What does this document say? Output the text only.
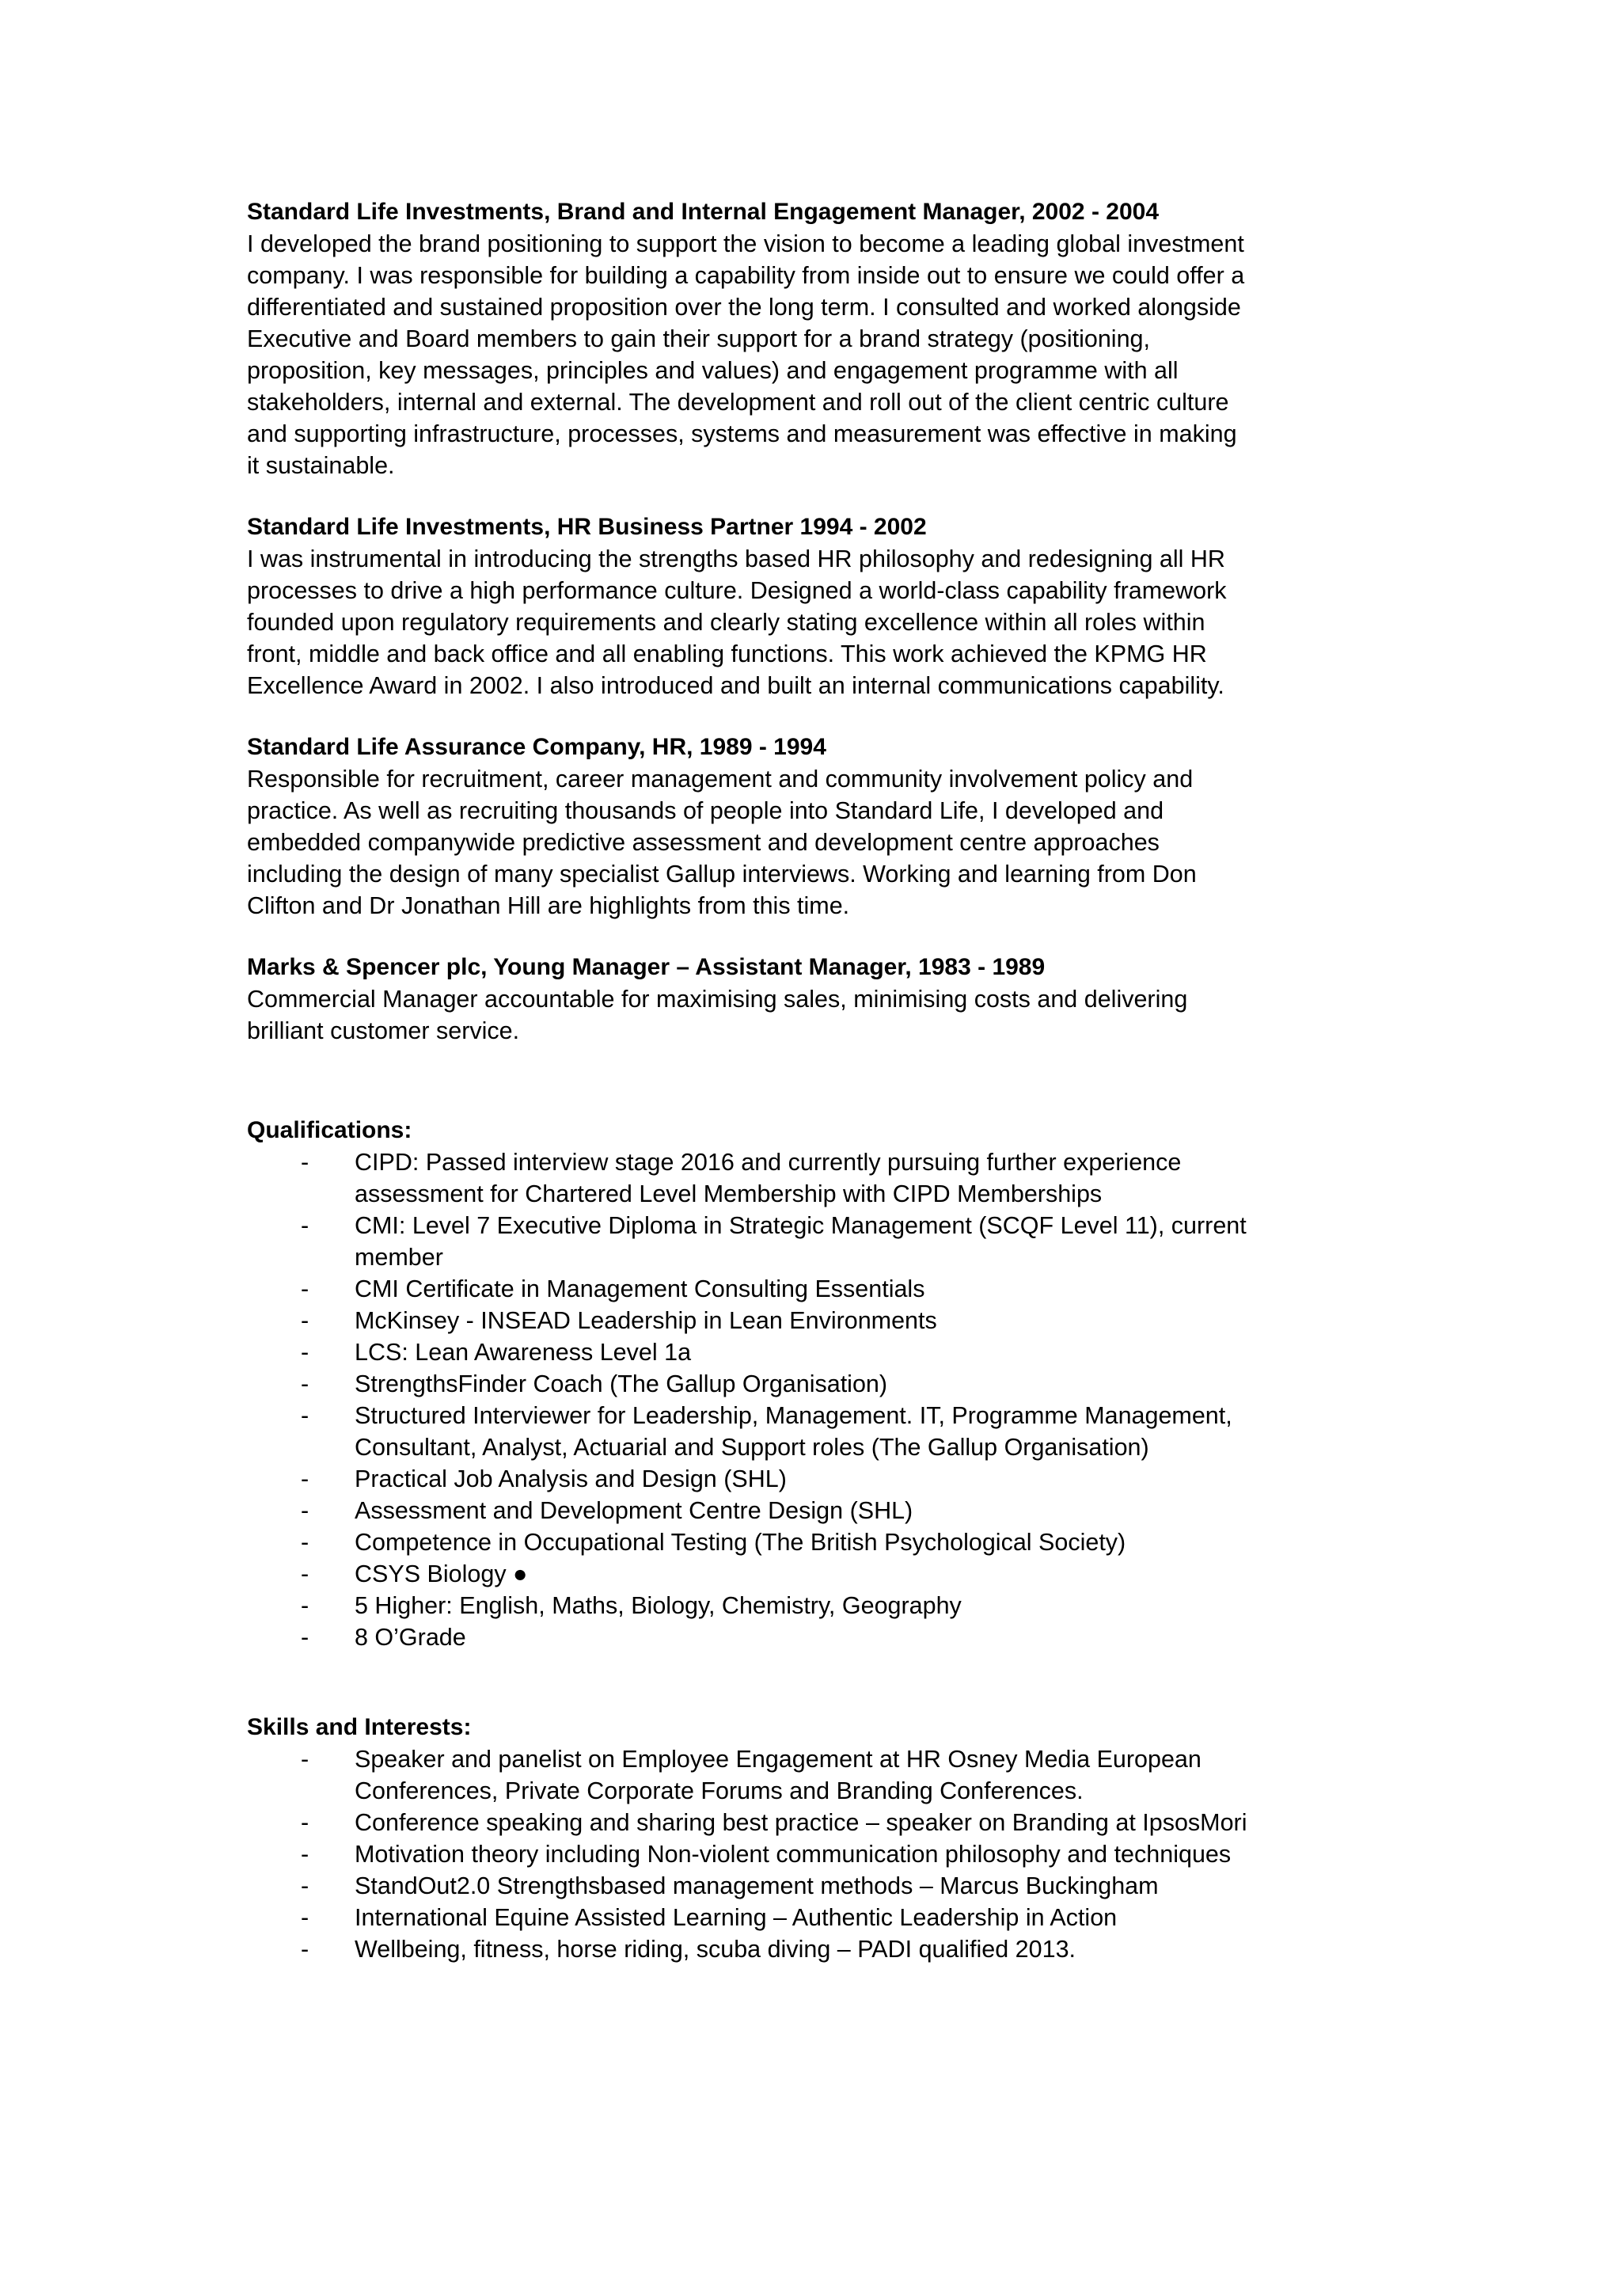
Standard Life Investments, Brand and Internal Engagement Manager, 2002 - 2004
I developed the brand positioning to support the vision to become a leading global investment
company. I was responsible for building a capability from inside out to ensure we could offer a
differentiated and sustained proposition over the long term. I consulted and worked alongside
Executive and Board members to gain their support for a brand strategy (positioning,
proposition, key messages, principles and values) and engagement programme with all
stakeholders, internal and external. The development and roll out of the client centric culture
and supporting infrastructure, processes, systems and measurement was effective in making
it sustainable.
Standard Life Investments, HR Business Partner 1994 - 2002
I was instrumental in introducing the strengths based HR philosophy and redesigning all HR
processes to drive a high performance culture. Designed a world-class capability framework
founded upon regulatory requirements and clearly stating excellence within all roles within
front, middle and back office and all enabling functions. This work achieved the KPMG HR
Excellence Award in 2002. I also introduced and built an internal communications capability.
Standard Life Assurance Company, HR, 1989 - 1994
Responsible for recruitment, career management and community involvement policy and
practice. As well as recruiting thousands of people into Standard Life, I developed and
embedded companywide predictive assessment and development centre approaches
including the design of many specialist Gallup interviews. Working and learning from Don
Clifton and Dr Jonathan Hill are highlights from this time.
Marks & Spencer plc, Young Manager – Assistant Manager, 1983 - 1989
Commercial Manager accountable for maximising sales, minimising costs and delivering
brilliant customer service.
Qualifications:
- CIPD: Passed interview stage 2016 and currently pursuing further experience
assessment for Chartered Level Membership with CIPD Memberships
- CMI: Level 7 Executive Diploma in Strategic Management (SCQF Level 11), current
member
- CMI Certificate in Management Consulting Essentials
- McKinsey - INSEAD Leadership in Lean Environments
- LCS: Lean Awareness Level 1a
- StrengthsFinder Coach (The Gallup Organisation)
- Structured Interviewer for Leadership, Management. IT, Programme Management,
Consultant, Analyst, Actuarial and Support roles (The Gallup Organisation)
- Practical Job Analysis and Design (SHL)
- Assessment and Development Centre Design (SHL)
- Competence in Occupational Testing (The British Psychological Society)
- CSYS Biology ●
- 5 Higher: English, Maths, Biology, Chemistry, Geography
- 8 O’Grade
Skills and Interests:
- Speaker and panelist on Employee Engagement at HR Osney Media European
Conferences, Private Corporate Forums and Branding Conferences.
- Conference speaking and sharing best practice – speaker on Branding at IpsosMori
- Motivation theory including Non-violent communication philosophy and techniques
- StandOut2.0 Strengthsbased management methods – Marcus Buckingham
- International Equine Assisted Learning – Authentic Leadership in Action
- Wellbeing, fitness, horse riding, scuba diving – PADI qualified 2013.
